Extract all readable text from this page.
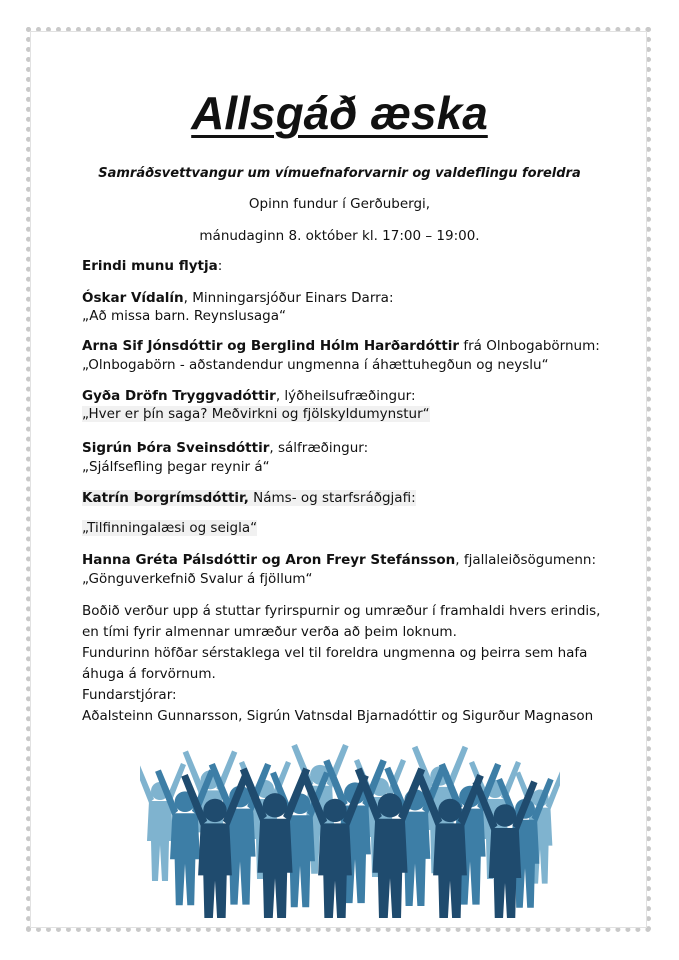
Allsgáð æska
Samráðsvettvangur um vímuefnaforvarnir og valdeflingu foreldra
Opinn fundur í Gerðubergi,
mánudaginn 8. október kl. 17:00 – 19:00.
Erindi munu flytja:
Óskar Vídalín, Minningarsjóður Einars Darra:
„Að missa barn. Reynslusaga“
Arna Sif Jónsdóttir og Berglind Hólm Harðardóttir frá Olnbogabörnum:
„Olnbogabörn - aðstandendur ungmenna í áhættuhegðun og neyslu“
Gyða Dröfn Tryggvadóttir, lýðheilsufræðingur:
„Hver er þín saga? Meðvirkni og fjölskyldumynstur“
Sigrún Þóra Sveinsdóttir, sálfræðingur:
„Sjálfsefling þegar reynir á“
Katrín Þorgrímsdóttir, Náms- og starfsráðgjafi:
„Tilfinningalæsi og seigla“
Hanna Gréta Pálsdóttir og Aron Freyr Stefánsson, fjallaleiðsögumenn:
„Gönguverkefnið Svalur á fjöllum“
Boðið verður upp á stuttar fyrirspurnir og umræður í framhaldi hvers erindis,
en tími fyrir almennar umræður verða að þeim loknum.
Fundurinn höfðar sérstaklega vel til foreldra ungmenna og þeirra sem hafa
áhuga á forvörnum.
Fundarstjórar:
Aðalsteinn Gunnarsson, Sigrún Vatnsdal Bjarnadóttir og Sigurður Magnason
